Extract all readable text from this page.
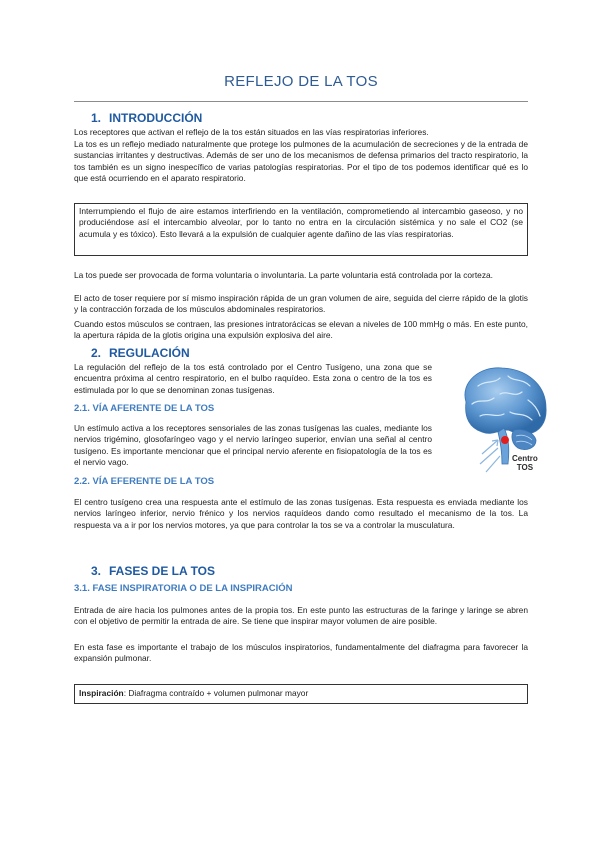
REFLEJO DE LA TOS
1. INTRODUCCIÓN

Los receptores que activan el reflejo de la tos están situados en las vías respiratorias inferiores.

La tos es un reflejo mediado naturalmente que protege los pulmones de la acumulación de secreciones y de la entrada de sustancias irritantes y destructivas. Además de ser uno de los mecanismos de defensa primarios del tracto respiratorio, la tos también es un signo inespecífico de varias patologías respiratorias. Por el tipo de tos podemos identificar qué es lo que está ocurriendo en el aparato respiratorio.

Interrumpiendo el flujo de aire estamos interfiriendo en la ventilación, comprometiendo al intercambio gaseoso, y no produciéndose así el intercambio alveolar, por lo tanto no entra en la circulación sistémica y no sale el CO2 (se acumula y es tóxico). Esto llevará a la expulsión de cualquier agente dañino de las vías respiratorias.

La tos puede ser provocada de forma voluntaria o involuntaria. La parte voluntaria está controlada por la corteza.

El acto de toser requiere por sí mismo inspiración rápida de un gran volumen de aire, seguida del cierre rápido de la glotis y la contracción forzada de los músculos abdominales respiratorios.

Cuando estos músculos se contraen, las presiones intratorácicas se elevan a niveles de 100 mmHg o más. En este punto, la apertura rápida de la glotis origina una expulsión explosiva del aire.

2. REGULACIÓN

La regulación del reflejo de la tos está controlado por el Centro Tusígeno, una zona que se encuentra próxima al centro respiratorio, en el bulbo raquídeo. Esta zona o centro de la tos es estimulada por lo que se denominan zonas tusígenas.

2.1. VÍA AFERENTE DE LA TOS

Un estímulo activa a los receptores sensoriales de las zonas tusígenas las cuales, mediante los nervios trigémino, glosofaríngeo vago y el nervio laríngeo superior, envían una señal al centro tusígeno. Es importante mencionar que el principal nervio aferente en fisiopatología de la tos es el nervio vago.

2.2. VÍA EFERENTE DE LA TOS

El centro tusígeno crea una respuesta ante el estímulo de las zonas tusígenas. Esta respuesta es enviada mediante los nervios laríngeo inferior, nervio frénico y los nervios raquídeos dando como resultado el mecanismo de la tos. La respuesta va a ir por los nervios motores, ya que para controlar la tos se va a controlar la musculatura.

3. FASES DE LA TOS
3.1. FASE INSPIRATORIA O DE LA INSPIRACIÓN

Entrada de aire hacia los pulmones antes de la propia tos. En este punto las estructuras de la faringe y laringe se abren con el objetivo de permitir la entrada de aire. Se tiene que inspirar mayor volumen de aire posible.

En esta fase es importante el trabajo de los músculos inspiratorios, fundamentalmente del diafragma para favorecer la expansión pulmonar.

Inspiración: Diafragma contraído + volumen pulmonar mayor
Centro
TOS
